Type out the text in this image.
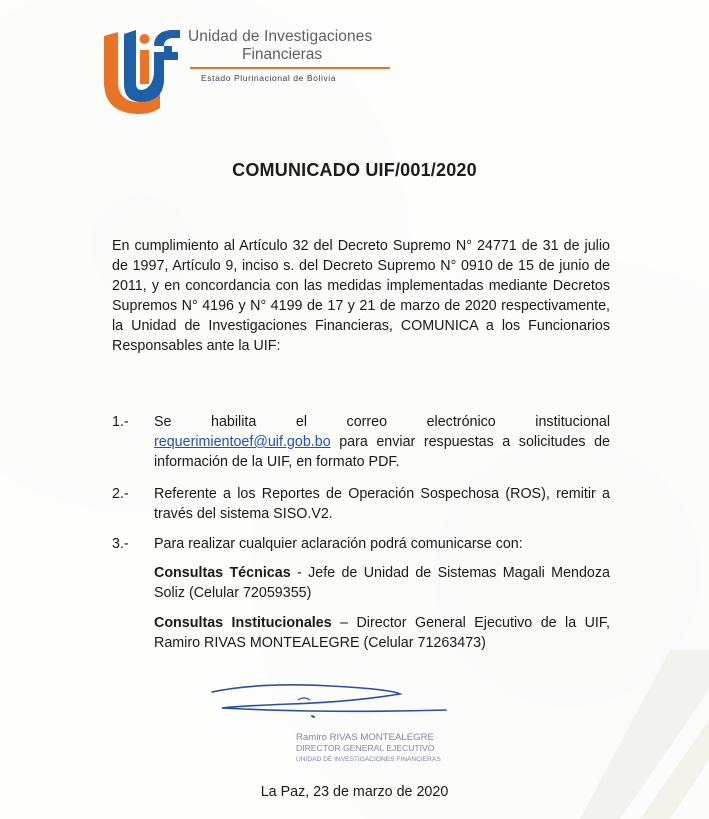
Unidad de Investigaciones
Financieras
Estado Plurinacional de Bolivia
COMUNICADO UIF/001/2020

En cumplimiento al Artículo 32 del Decreto Supremo N° 24771 de 31 de julio de 1997, Artículo 9, inciso s. del Decreto Supremo N° 0910 de 15 de junio de 2011, y en concordancia con las medidas implementadas mediante Decretos Supremos N° 4196 y N° 4199 de 17 y 21 de marzo de 2020 respectivamente, la Unidad de Investigaciones Financieras, COMUNICA a los Funcionarios Responsables ante la UIF:

1.- Se habilita el correo electrónico institucional requerimientoef@uif.gob.bo para enviar respuestas a solicitudes de información de la UIF, en formato PDF.
2.- Referente a los Reportes de Operación Sospechosa (ROS), remitir a través del sistema SISO.V2.
3.- Para realizar cualquier aclaración podrá comunicarse con:
Consultas Técnicas - Jefe de Unidad de Sistemas Magali Mendoza Soliz (Celular 72059355)
Consultas Institucionales – Director General Ejecutivo de la UIF, Ramiro RIVAS MONTEALEGRE (Celular 71263473)
Ramiro RIVAS MONTEALEGRE
DIRECTOR GENERAL EJECUTIVO
UNIDAD DE INVESTIGACIONES FINANCIERAS
La Paz, 23 de marzo de 2020
